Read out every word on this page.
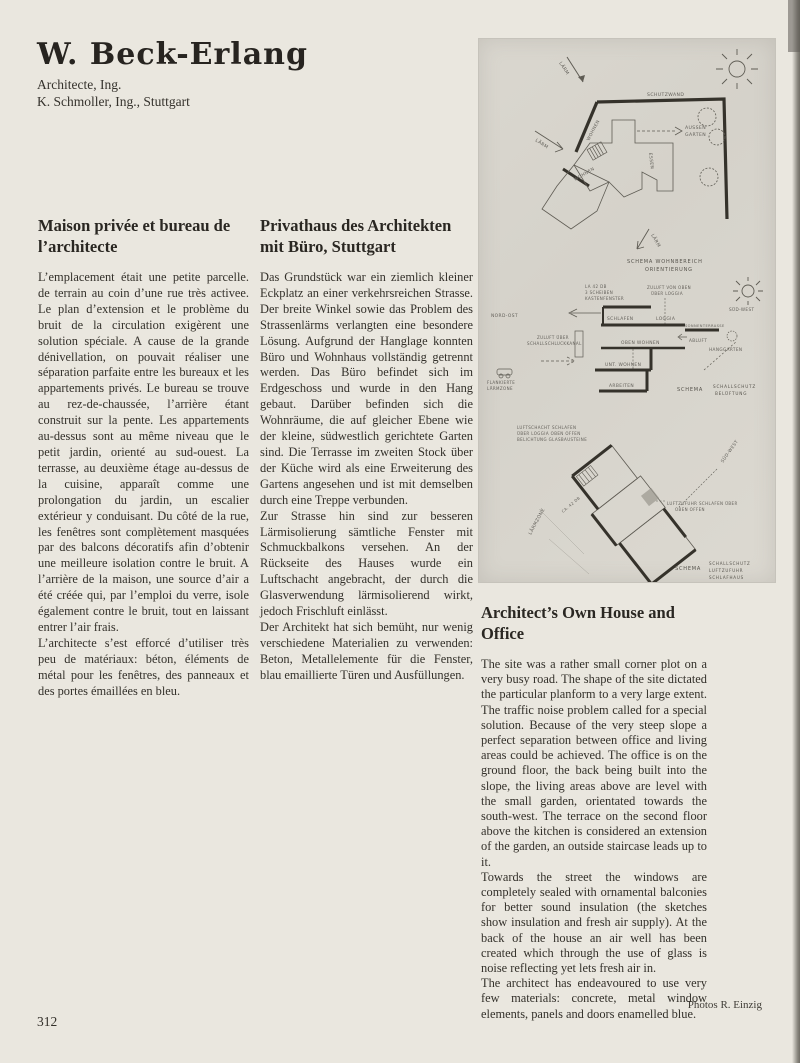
W. Beck-Erlang
Architecte, Ing.
K. Schmoller, Ing., Stuttgart
Maison privée et bureau de l’architecte

L’emplacement était une petite parcelle. de terrain au coin d’une rue très activee. Le plan d’extension et le problème du bruit de la circulation exigèrent une solution spéciale. A cause de la grande dénivellation, on pouvait réaliser une séparation parfaite entre les bureaux et les appartements privés. Le bureau se trouve au rez-de-chaussée, l’arrière étant construit sur la pente. Les appartements au-dessus sont au même niveau que le petit jardin, orienté au sud-ouest. La terrasse, au deuxième étage au-dessus de la cuisine, apparaît comme une prolongation du jardin, un escalier extérieur y conduisant. Du côté de la rue, les fenêtres sont complètement masquées par des balcons décoratifs afin d’obtenir une meilleure isolation contre le bruit. A l’arrière de la maison, une source d’air a été créée qui, par l’emploi du verre, isole également contre le bruit, tout en laissant entrer l’air frais.

L’architecte s’est efforcé d’utiliser très peu de matériaux: béton, éléments de métal pour les fenêtres, des panneaux et des portes émaillées en bleu.

Privathaus des Architekten mit Büro, Stuttgart

Das Grundstück war ein ziemlich kleiner Eckplatz an einer verkehrsreichen Strasse. Der breite Winkel sowie das Problem des Strassenlärms verlangten eine besondere Lösung. Aufgrund der Hanglage konnten Büro und Wohnhaus vollständig getrennt werden. Das Büro befindet sich im Erdgeschoss und wurde in den Hang gebaut. Darüber befinden sich die Wohnräume, die auf gleicher Ebene wie der kleine, südwestlich gerichtete Garten sind. Die Terrasse im zweiten Stock über der Küche wird als eine Erweiterung des Gartens angesehen und ist mit demselben durch eine Treppe verbunden.

Zur Strasse hin sind zur besseren Lärmisolierung sämtliche Fenster mit Schmuckbalkons versehen. An der Rückseite des Hauses wurde ein Luftschacht angebracht, der durch die Glasverwendung lärmisolierend wirkt, jedoch Frischluft einlässt.

Der Architekt hat sich bemüht, nur wenig verschiedene Materialien zu verwenden: Beton, Metallelemente für die Fenster, blau emaillierte Türen und Ausfüllungen.

SCHUTZWAND
AUSSEN
GARTEN
LÄRM
LÄRM
LÄRM
WOHNEN
WOHNEN
ESSEN
SCHEMA WOHNBEREICH
ORIENTIERUNG
SÜD-WEST
NORD-OST
LA 42 DB
3 SCHEIBEN
KASTENFENSTER
ZULUFT VON OBEN
ÜBER LOGGIA
SCHLAFEN	LOGGIA
SONNENTERRASSE
OBEN WOHNEN
UNT. WOHNEN
ARBEITEN
ABLUFT
HANGGARTEN
ZULUFT ÜBER
SCHALLSCHLUCKKANAL
FLANKIERTE
LÄRMZONE	SCHEMA
SCHALLSCHUTZ
BELÜFTUNG
LUFTSCHACHT SCHLAFEN
ÜBER LOGGIA OBEN OFFEN
BELICHTUNG GLASBAUSTEINE
LÄRMZONE
CA. 42 DB
SÜD-WEST
LUFTZUFUHR SCHLAFEN ÜBER
OBEN OFFEN
SCHEMA
SCHALLSCHUTZ
LUFTZUFUHR
SCHLAFHAUS
Architect’s Own House and Office

The site was a rather small corner plot on a very busy road. The shape of the site dictated the particular planform to a very large extent. The traffic noise problem called for a special solution. Because of the very steep slope a perfect separation between office and living areas could be achieved. The office is on the ground floor, the back being built into the slope, the living areas above are level with the small garden, orientated towards the south-west. The terrace on the second floor above the kitchen is considered an extension of the garden, an outside staircase leads up to it.

Towards the street the windows are completely sealed with ornamental balconies for better sound insulation (the sketches show insulation and fresh air supply). At the back of the house an air well has been created which through the use of glass is noise reflecting yet lets fresh air in.

The architect has endeavoured to use very few materials: concrete, metal window elements, panels and doors enamelled blue.

312
Photos R. Einzig
